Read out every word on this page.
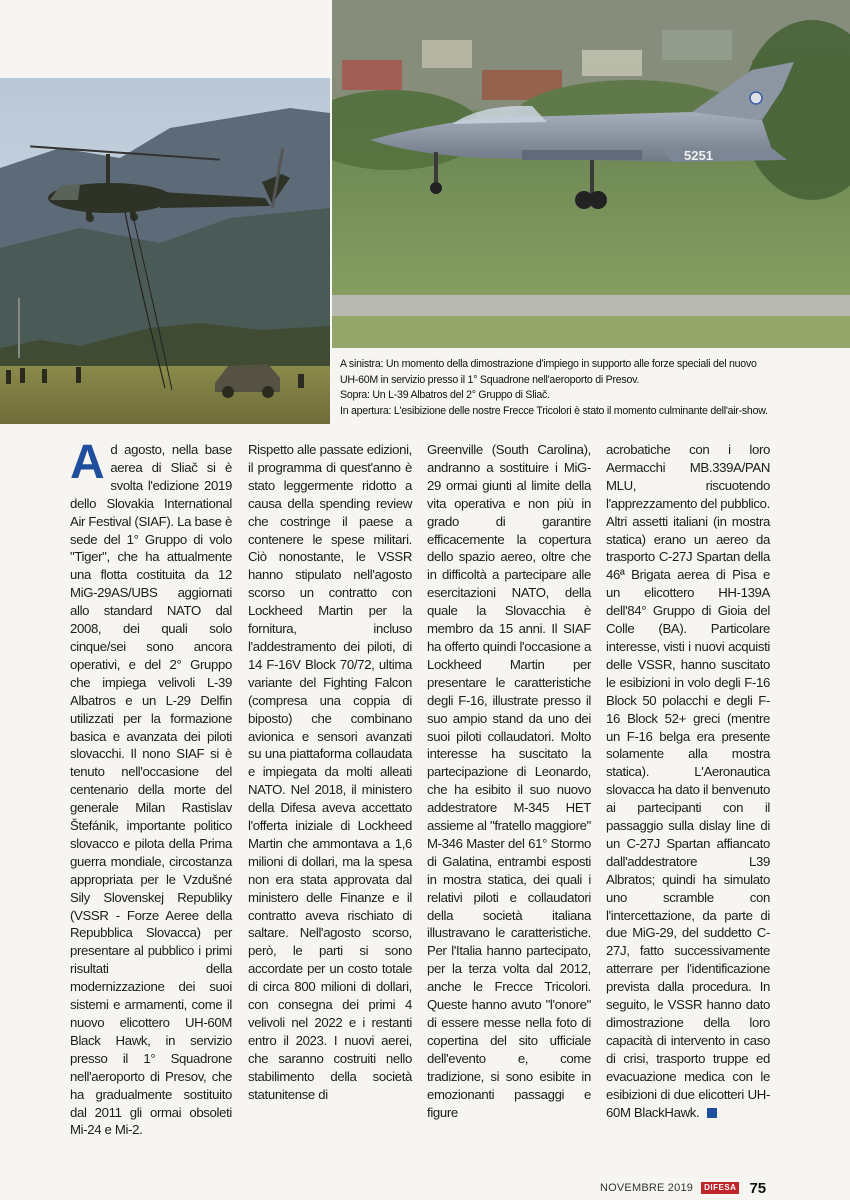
5251

A sinistra: Un momento della dimostrazione d'impiego in supporto alle forze speciali del nuovo

UH-60M in servizio presso il 1° Squadrone nell'aeroporto di Presov.

Sopra: Un L-39 Albatros del 2° Gruppo di Sliač.

In apertura: L'esibizione delle nostre Frecce Tricolori è stato il momento culminante dell'air-show.

Ad agosto, nella base aerea di Sliač si è svolta l'edizione 2019 dello Slovakia International Air Festival (SIAF). La base è sede del 1° Gruppo di volo "Tiger", che ha attualmente una flotta costituita da 12 MiG-29AS/UBS aggiornati allo standard NATO dal 2008, dei quali solo cinque/sei sono ancora operativi, e del 2° Gruppo che impiega velivoli L-39 Albatros e un L-29 Delfin utilizzati per la formazione basica e avanzata dei piloti slovacchi. Il nono SIAF si è tenuto nell'occasione del centenario della morte del generale Milan Rastislav Štefánik, importante politico slovacco e pilota della Prima guerra mondiale, circostanza appropriata per le Vzdušné Sily Slovenskej Republiky (VSSR - Forze Aeree della Repubblica Slovacca) per presentare al pubblico i primi risultati della modernizzazione dei suoi sistemi e armamenti, come il nuovo elicottero UH-60M Black Hawk, in servizio presso il 1° Squadrone nell'aeroporto di Presov, che ha gradualmente sostituito dal 2011 gli ormai obsoleti Mi-24 e Mi-2.

Rispetto alle passate edizioni, il programma di quest'anno è stato leggermente ridotto a causa della spending review che costringe il paese a contenere le spese militari. Ciò nonostante, le VSSR hanno stipulato nell'agosto scorso un contratto con Lockheed Martin per la fornitura, incluso l'addestramento dei piloti, di 14 F-16V Block 70/72, ultima variante del Fighting Falcon (compresa una coppia di biposto) che combinano avionica e sensori avanzati su una piattaforma collaudata e impiegata da molti alleati NATO. Nel 2018, il ministero della Difesa aveva accettato l'offerta iniziale di Lockheed Martin che ammontava a 1,6 milioni di dollari, ma la spesa non era stata approvata dal ministero delle Finanze e il contratto aveva rischiato di saltare. Nell'agosto scorso, però, le parti si sono accordate per un costo totale di circa 800 milioni di dollari, con consegna dei primi 4 velivoli nel 2022 e i restanti entro il 2023. I nuovi aerei, che saranno costruiti nello stabilimento della società statunitense di

Greenville (South Carolina), andranno a sostituire i MiG-29 ormai giunti al limite della vita operativa e non più in grado di garantire efficacemente la copertura dello spazio aereo, oltre che in difficoltà a partecipare alle esercitazioni NATO, della quale la Slovacchia è membro da 15 anni. Il SIAF ha offerto quindi l'occasione a Lockheed Martin per presentare le caratteristiche degli F-16, illustrate presso il suo ampio stand da uno dei suoi piloti collaudatori. Molto interesse ha suscitato la partecipazione di Leonardo, che ha esibito il suo nuovo addestratore M-345 HET assieme al "fratello maggiore" M-346 Master del 61° Stormo di Galatina, entrambi esposti in mostra statica, dei quali i relativi piloti e collaudatori della società italiana illustravano le caratteristiche. Per l'Italia hanno partecipato, per la terza volta dal 2012, anche le Frecce Tricolori. Queste hanno avuto "l'onore" di essere messe nella foto di copertina del sito ufficiale dell'evento e, come tradizione, si sono esibite in emozionanti passaggi e figure

acrobatiche con i loro Aermacchi MB.339A/PAN MLU, riscuotendo l'apprezzamento del pubblico.

Altri assetti italiani (in mostra statica) erano un aereo da trasporto C-27J Spartan della 46ª Brigata aerea di Pisa e un elicottero HH-139A dell'84° Gruppo di Gioia del Colle (BA). Particolare interesse, visti i nuovi acquisti delle VSSR, hanno suscitato le esibizioni in volo degli F-16 Block 50 polacchi e degli F-16 Block 52+ greci (mentre un F-16 belga era presente solamente alla mostra statica). L'Aeronautica slovacca ha dato il benvenuto ai partecipanti con il passaggio sulla dislay line di un C-27J Spartan affiancato dall'addestratore L39 Albratos; quindi ha simulato uno scramble con l'intercettazione, da parte di due MiG-29, del suddetto C-27J, fatto successivamente atterrare per l'identificazione prevista dalla procedura. In seguito, le VSSR hanno dato dimostrazione della loro capacità di intervento in caso di crisi, trasporto truppe ed evacuazione medica con le esibizioni di due elicotteri UH-60M BlackHawk.

NOVEMBRE 2019	DIFESA 75
